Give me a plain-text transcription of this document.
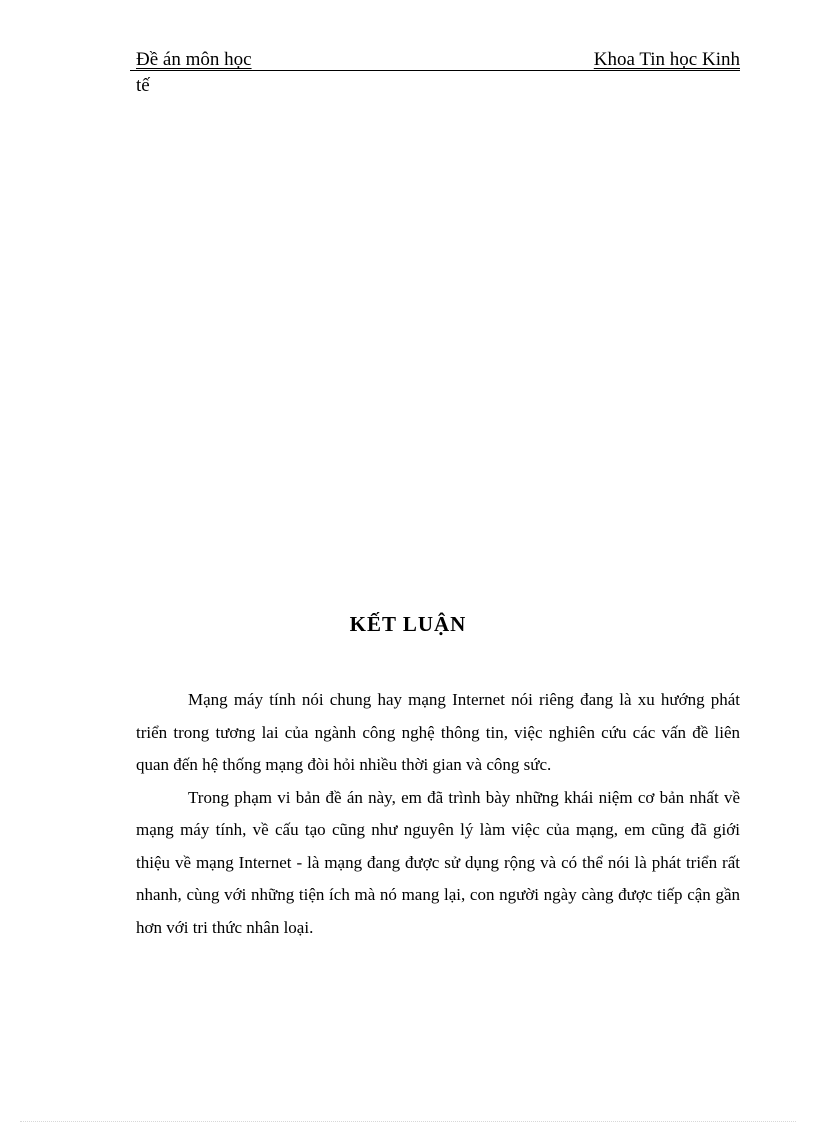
Đề án môn học	Khoa Tin học Kinh
tế
KẾT LUẬN

Mạng máy tính nói chung hay mạng Internet nói riêng đang là xu hướng phát triển trong tương lai của ngành công nghệ thông tin, việc nghiên cứu các vấn đề liên quan đến hệ thống mạng đòi hỏi nhiều thời gian và công sức.

Trong phạm vi bản đề án này, em đã trình bày những khái niệm cơ bản nhất về mạng máy tính, về cấu tạo cũng như nguyên lý làm việc của mạng, em cũng đã giới thiệu về mạng Internet - là mạng đang được sử dụng rộng và có thể nói là phát triển rất nhanh, cùng với những tiện ích mà nó mang lại, con người ngày càng được tiếp cận gần hơn với tri thức nhân loại.
